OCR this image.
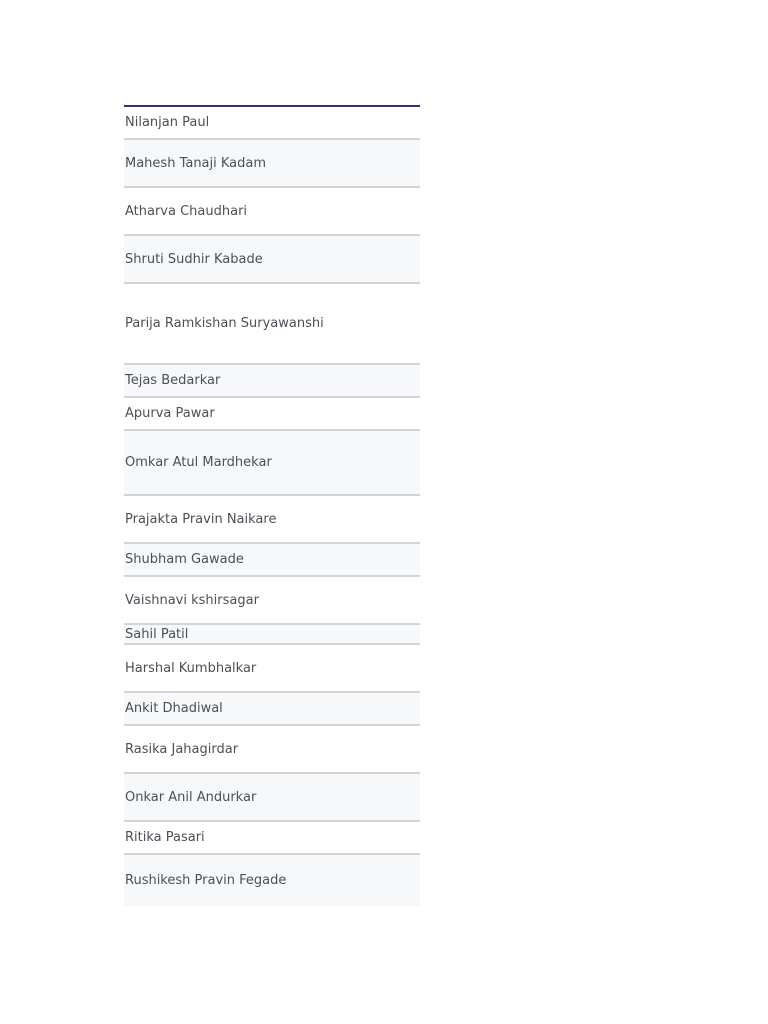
Nilanjan Paul
Mahesh Tanaji Kadam
Atharva Chaudhari
Shruti Sudhir Kabade
Parija Ramkishan Suryawanshi
Tejas Bedarkar
Apurva Pawar
Omkar Atul Mardhekar
Prajakta Pravin Naikare
Shubham Gawade
Vaishnavi kshirsagar
Sahil Patil
Harshal Kumbhalkar
Ankit Dhadiwal
Rasika Jahagirdar
Onkar Anil Andurkar
Ritika Pasari
Rushikesh Pravin Fegade
